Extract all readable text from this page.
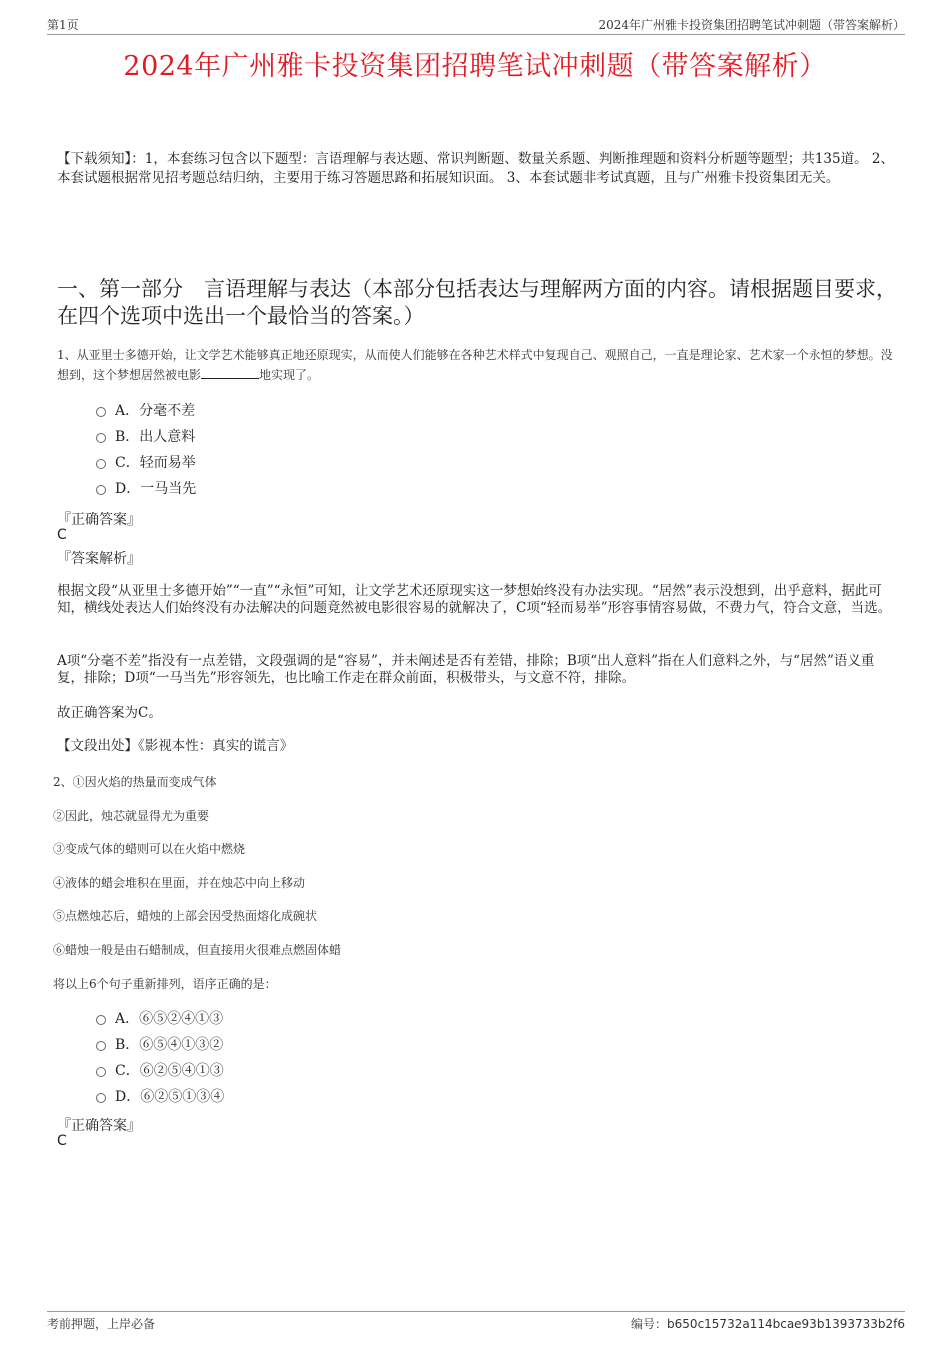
第1页	2024年广州雅卡投资集团招聘笔试冲刺题（带答案解析）
2024年广州雅卡投资集团招聘笔试冲刺题（带答案解析）
【下载须知】：1，本套练习包含以下题型：言语理解与表达题、常识判断题、数量关系题、判断推理题和资料分析题等题型；共135道。 2、本套试题根据常见招考题总结归纳，主要用于练习答题思路和拓展知识面。 3、本套试题非考试真题，且与广州雅卡投资集团无关。
一、第一部分　言语理解与表达（本部分包括表达与理解两方面的内容。请根据题目要求，在四个选项中选出一个最恰当的答案。）
1、从亚里士多德开始，让文学艺术能够真正地还原现实，从而使人们能够在各种艺术样式中复现自己、观照自己，一直是理论家、艺术家一个永恒的梦想。没想到，这个梦想居然被电影	地实现了。
A．分毫不差
B．出人意料
C．轻而易举
D．一马当先
『正确答案』
C
『答案解析』
根据文段“从亚里士多德开始”“一直”“永恒”可知，让文学艺术还原现实这一梦想始终没有办法实现。“居然”表示没想到，出乎意料，据此可知，横线处表达人们始终没有办法解决的问题竟然被电影很容易的就解决了，C项“轻而易举”形容事情容易做，不费力气，符合文意，当选。
A项“分毫不差”指没有一点差错，文段强调的是“容易”，并未阐述是否有差错，排除；B项“出人意料”指在人们意料之外，与“居然”语义重复，排除；D项“一马当先”形容领先，也比喻工作走在群众前面，积极带头，与文意不符，排除。
故正确答案为C。
【文段出处】《影视本性：真实的谎言》
2、①因火焰的热量而变成气体
②因此，烛芯就显得尤为重要
③变成气体的蜡则可以在火焰中燃烧
④液体的蜡会堆积在里面，并在烛芯中向上移动
⑤点燃烛芯后，蜡烛的上部会因受热面熔化成碗状
⑥蜡烛一般是由石蜡制成，但直接用火很难点燃固体蜡
将以上6个句子重新排列，语序正确的是：
A．⑥⑤②④①③
B．⑥⑤④①③②
C．⑥②⑤④①③
D．⑥②⑤①③④
『正确答案』
C
考前押题，上岸必备	编号：b650c15732a114bcae93b1393733b2f6
